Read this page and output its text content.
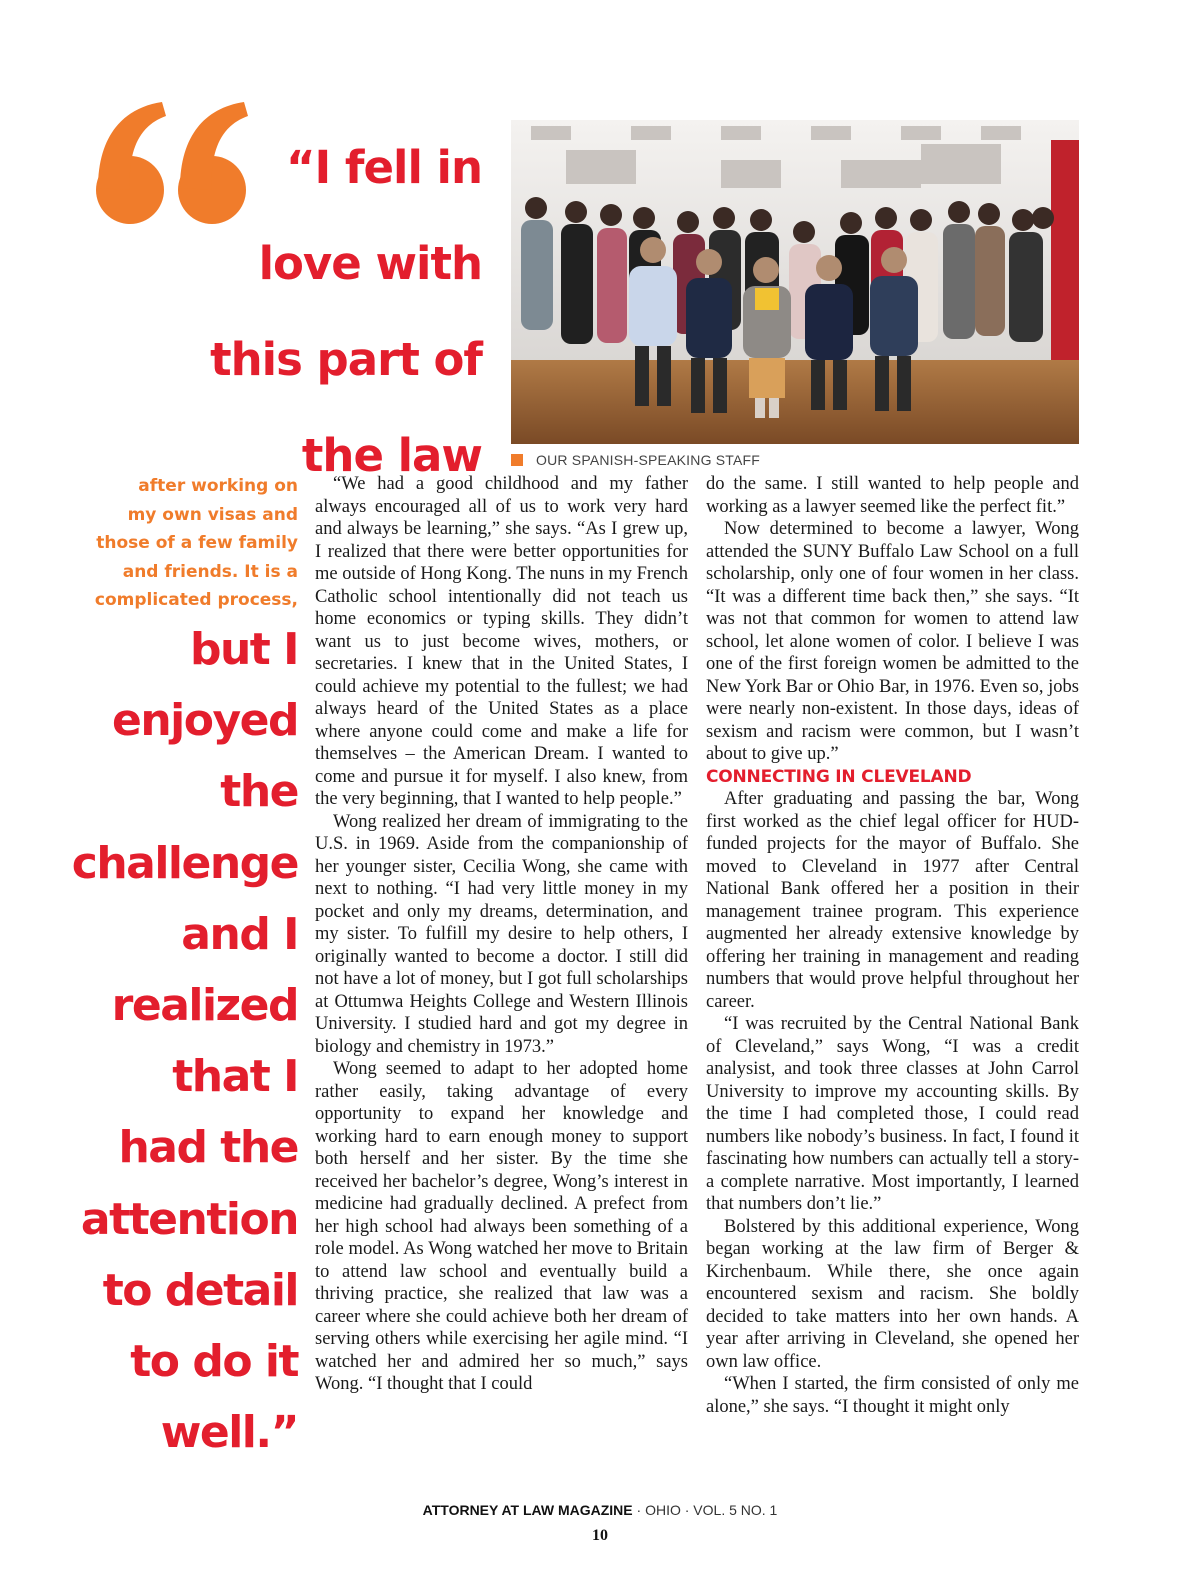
“I fell in
love with
this part of
the law	OUR SPANISH-SPEAKING STAFF
after working on
my own visas and
those of a few family
and friends. It is a
complicated process,
but I
enjoyed
the
challenge
and I
realized
that I
had the
attention
to detail
to do it
well.”

“We had a good childhood and my father always encouraged all of us to work very hard and always be learning,” she says. “As I grew up, I realized that there were better opportunities for me outside of Hong Kong. The nuns in my French Catholic school intentionally did not teach us home economics or typing skills. They didn’t want us to just become wives, mothers, or secretaries. I knew that in the United States, I could achieve my potential to the fullest; we had always heard of the United States as a place where anyone could come and make a life for themselves – the American Dream. I wanted to come and pursue it for myself. I also knew, from the very beginning, that I wanted to help people.”

Wong realized her dream of immigrating to the U.S. in 1969. Aside from the companionship of her younger sister, Cecilia Wong, she came with next to nothing. “I had very little money in my pocket and only my dreams, determination, and my sister. To fulfill my desire to help others, I originally wanted to become a doctor. I still did not have a lot of money, but I got full scholarships at Ottumwa Heights College and Western Illinois University. I studied hard and got my degree in biology and chemistry in 1973.”

Wong seemed to adapt to her adopted home rather easily, taking advantage of every opportunity to expand her knowledge and working hard to earn enough money to support both herself and her sister. By the time she received her bachelor’s degree, Wong’s interest in medicine had gradually declined. A prefect from her high school had always been something of a role model. As Wong watched her move to Britain to attend law school and eventually build a thriving practice, she realized that law was a career where she could achieve both her dream of serving others while exercising her agile mind. “I watched her and admired her so much,” says Wong. “I thought that I could

do the same. I still wanted to help people and working as a lawyer seemed like the perfect fit.”

Now determined to become a lawyer, Wong attended the SUNY Buffalo Law School on a full scholarship, only one of four women in her class. “It was a different time back then,” she says. “It was not that common for women to attend law school, let alone women of color. I believe I was one of the first foreign women be admitted to the New York Bar or Ohio Bar, in 1976. Even so, jobs were nearly non-existent. In those days, ideas of sexism and racism were common, but I wasn’t about to give up.”

CONNECTING IN CLEVELAND

After graduating and passing the bar, Wong first worked as the chief legal officer for HUD-funded projects for the mayor of Buffalo. She moved to Cleveland in 1977 after Central National Bank offered her a position in their management trainee program. This experience augmented her already extensive knowledge by offering her training in management and reading numbers that would prove helpful throughout her career.

“I was recruited by the Central National Bank of Cleveland,” says Wong, “I was a credit analysist, and took three classes at John Carrol University to improve my accounting skills. By the time I had completed those, I could read numbers like nobody’s business. In fact, I found it fascinating how numbers can actually tell a story-a complete narrative. Most importantly, I learned that numbers don’t lie.”

Bolstered by this additional experience, Wong began working at the law firm of Berger & Kirchenbaum. While there, she once again encountered sexism and racism. She boldly decided to take matters into her own hands. A year after arriving in Cleveland, she opened her own law office.

“When I started, the firm consisted of only me alone,” she says. “I thought it might only

ATTORNEY AT LAW MAGAZINE · OHIO · VOL. 5 NO. 1
10
